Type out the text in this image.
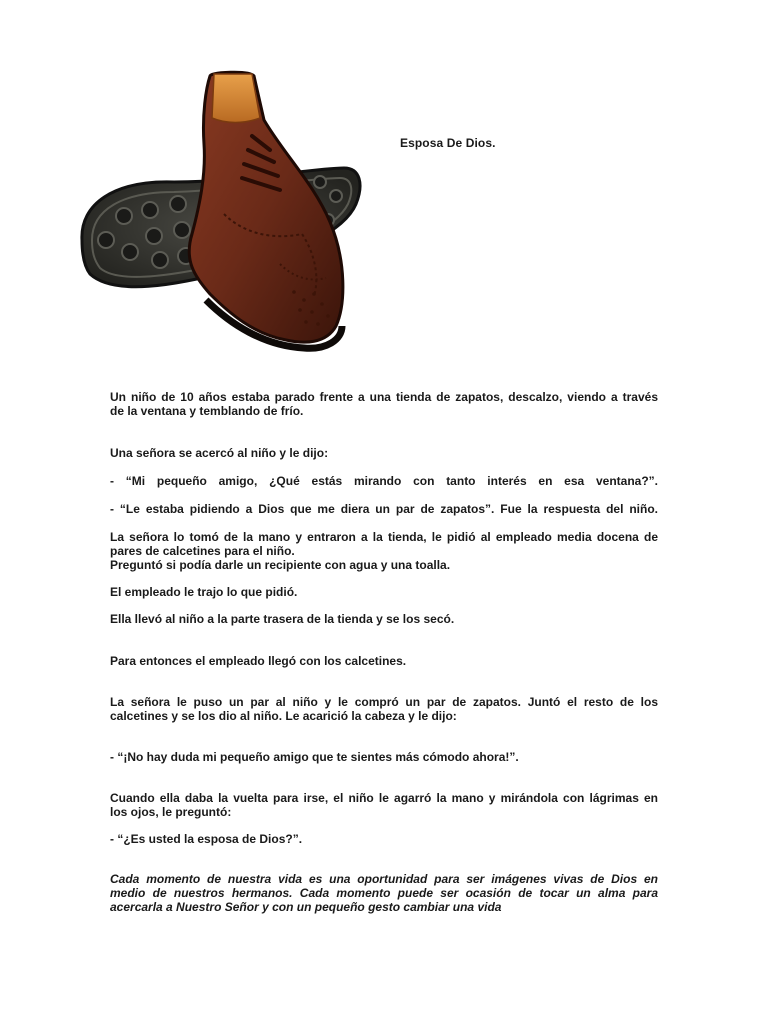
Esposa De Dios.
Un niño de 10 años estaba parado frente a una tienda de zapatos, descalzo, viendo a través
de la ventana y temblando de frío.
Una señora se acercó al niño y le dijo:
- “Mi pequeño amigo, ¿Qué estás mirando con tanto interés en esa ventana?”.
- “Le estaba pidiendo a Dios que me diera un par de zapatos”. Fue la respuesta del niño.
La señora lo tomó de la mano y entraron a la tienda, le pidió al empleado media docena de
pares de calcetines para el niño.
Preguntó si podía darle un recipiente con agua y una toalla.
El empleado le trajo lo que pidió.
Ella llevó al niño a la parte trasera de la tienda y se los secó.
Para entonces el empleado llegó con los calcetines.
La señora le puso un par al niño y le compró un par de zapatos. Juntó el resto de los
calcetines y se los dio al niño. Le acarició la cabeza y le dijo:
- “¡No hay duda mi pequeño amigo que te sientes más cómodo ahora!”.
Cuando ella daba la vuelta para irse, el niño le agarró la mano y mirándola con lágrimas en
los ojos, le preguntó:
- “¿Es usted la esposa de Dios?”.
Cada momento de nuestra vida es una oportunidad para ser imágenes vivas de Dios en
medio de nuestros hermanos. Cada momento puede ser ocasión de tocar un alma para
acercarla a Nuestro Señor y con un pequeño gesto cambiar una vida
